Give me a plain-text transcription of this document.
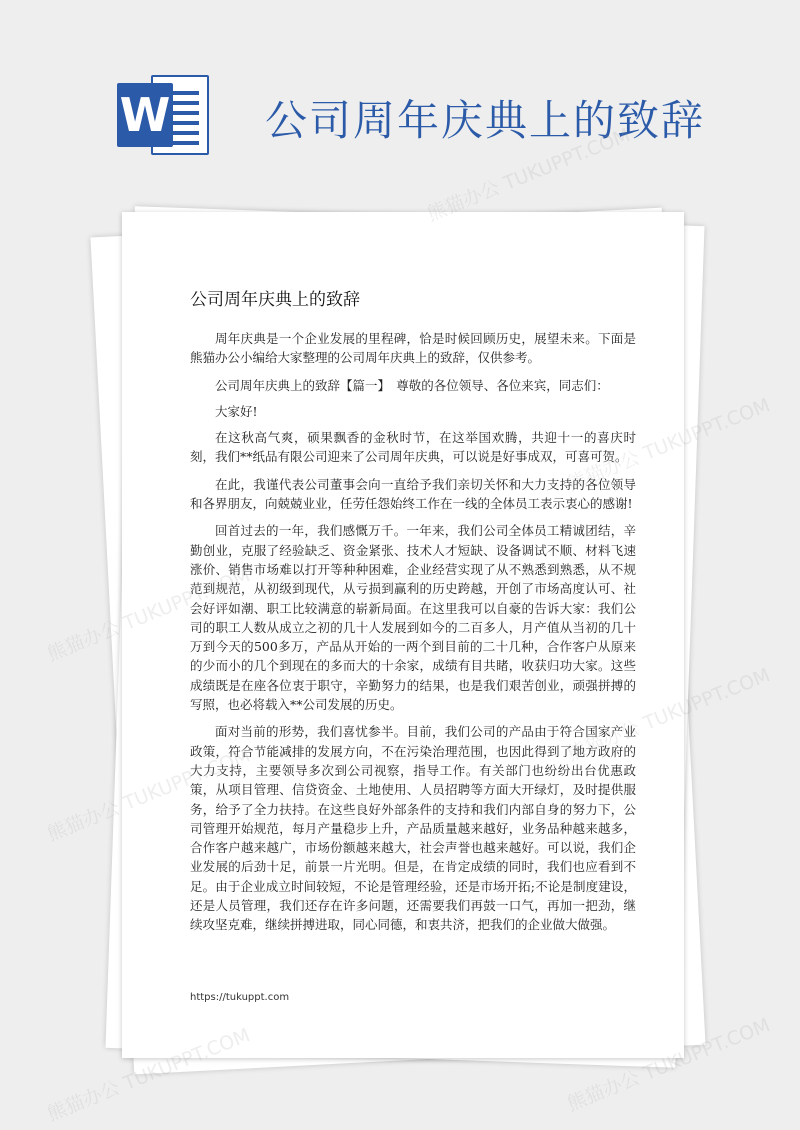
W 公司周年庆典上的致辞
公司周年庆典上的致辞

周年庆典是一个企业发展的里程碑，恰是时候回顾历史，展望未来。下面是熊猫办公小编给大家整理的公司周年庆典上的致辞，仅供参考。

公司周年庆典上的致辞【篇一】　尊敬的各位领导、各位来宾，同志们：

大家好!

在这秋高气爽，硕果飘香的金秋时节，在这举国欢腾，共迎十一的喜庆时刻，我们**纸品有限公司迎来了公司周年庆典，可以说是好事成双，可喜可贺。

在此，我谨代表公司董事会向一直给予我们亲切关怀和大力支持的各位领导和各界朋友，向兢兢业业，任劳任怨始终工作在一线的全体员工表示衷心的感谢!

回首过去的一年，我们感慨万千。一年来，我们公司全体员工精诚团结，辛勤创业，克服了经验缺乏、资金紧张、技术人才短缺、设备调试不顺、材料飞速涨价、销售市场难以打开等种种困难，企业经营实现了从不熟悉到熟悉，从不规范到规范，从初级到现代，从亏损到赢利的历史跨越，开创了市场高度认可、社会好评如潮、职工比较满意的崭新局面。在这里我可以自豪的告诉大家：我们公司的职工人数从成立之初的几十人发展到如今的二百多人，月产值从当初的几十万到今天的500多万，产品从开始的一两个到目前的二十几种，合作客户从原来的少而小的几个到现在的多而大的十余家，成绩有目共睹，收获归功大家。这些成绩既是在座各位衷于职守，辛勤努力的结果，也是我们艰苦创业，顽强拼搏的写照，也必将载入**公司发展的历史。

面对当前的形势，我们喜忧参半。目前，我们公司的产品由于符合国家产业政策，符合节能减排的发展方向，不在污染治理范围，也因此得到了地方政府的大力支持，主要领导多次到公司视察，指导工作。有关部门也纷纷出台优惠政策，从项目管理、信贷资金、土地使用、人员招聘等方面大开绿灯，及时提供服务，给予了全力扶持。在这些良好外部条件的支持和我们内部自身的努力下，公司管理开始规范，每月产量稳步上升，产品质量越来越好，业务品种越来越多，合作客户越来越广，市场份额越来越大，社会声誉也越来越好。可以说，我们企业发展的后劲十足，前景一片光明。但是，在肯定成绩的同时，我们也应看到不足。由于企业成立时间较短，不论是管理经验，还是市场开拓;不论是制度建设，还是人员管理，我们还存在许多问题，还需要我们再鼓一口气，再加一把劲，继续攻坚克难，继续拼搏进取，同心同德，和衷共济，把我们的企业做大做强。

https://tukuppt.com
熊猫办公 TUKUPPT.COM
TUKUPPT.COM
熊猫办公
TUKUPPT.COM
熊猫办公
熊猫办公 TUKUPPT.COM
熊猫办公 TUKUPPT.COM
